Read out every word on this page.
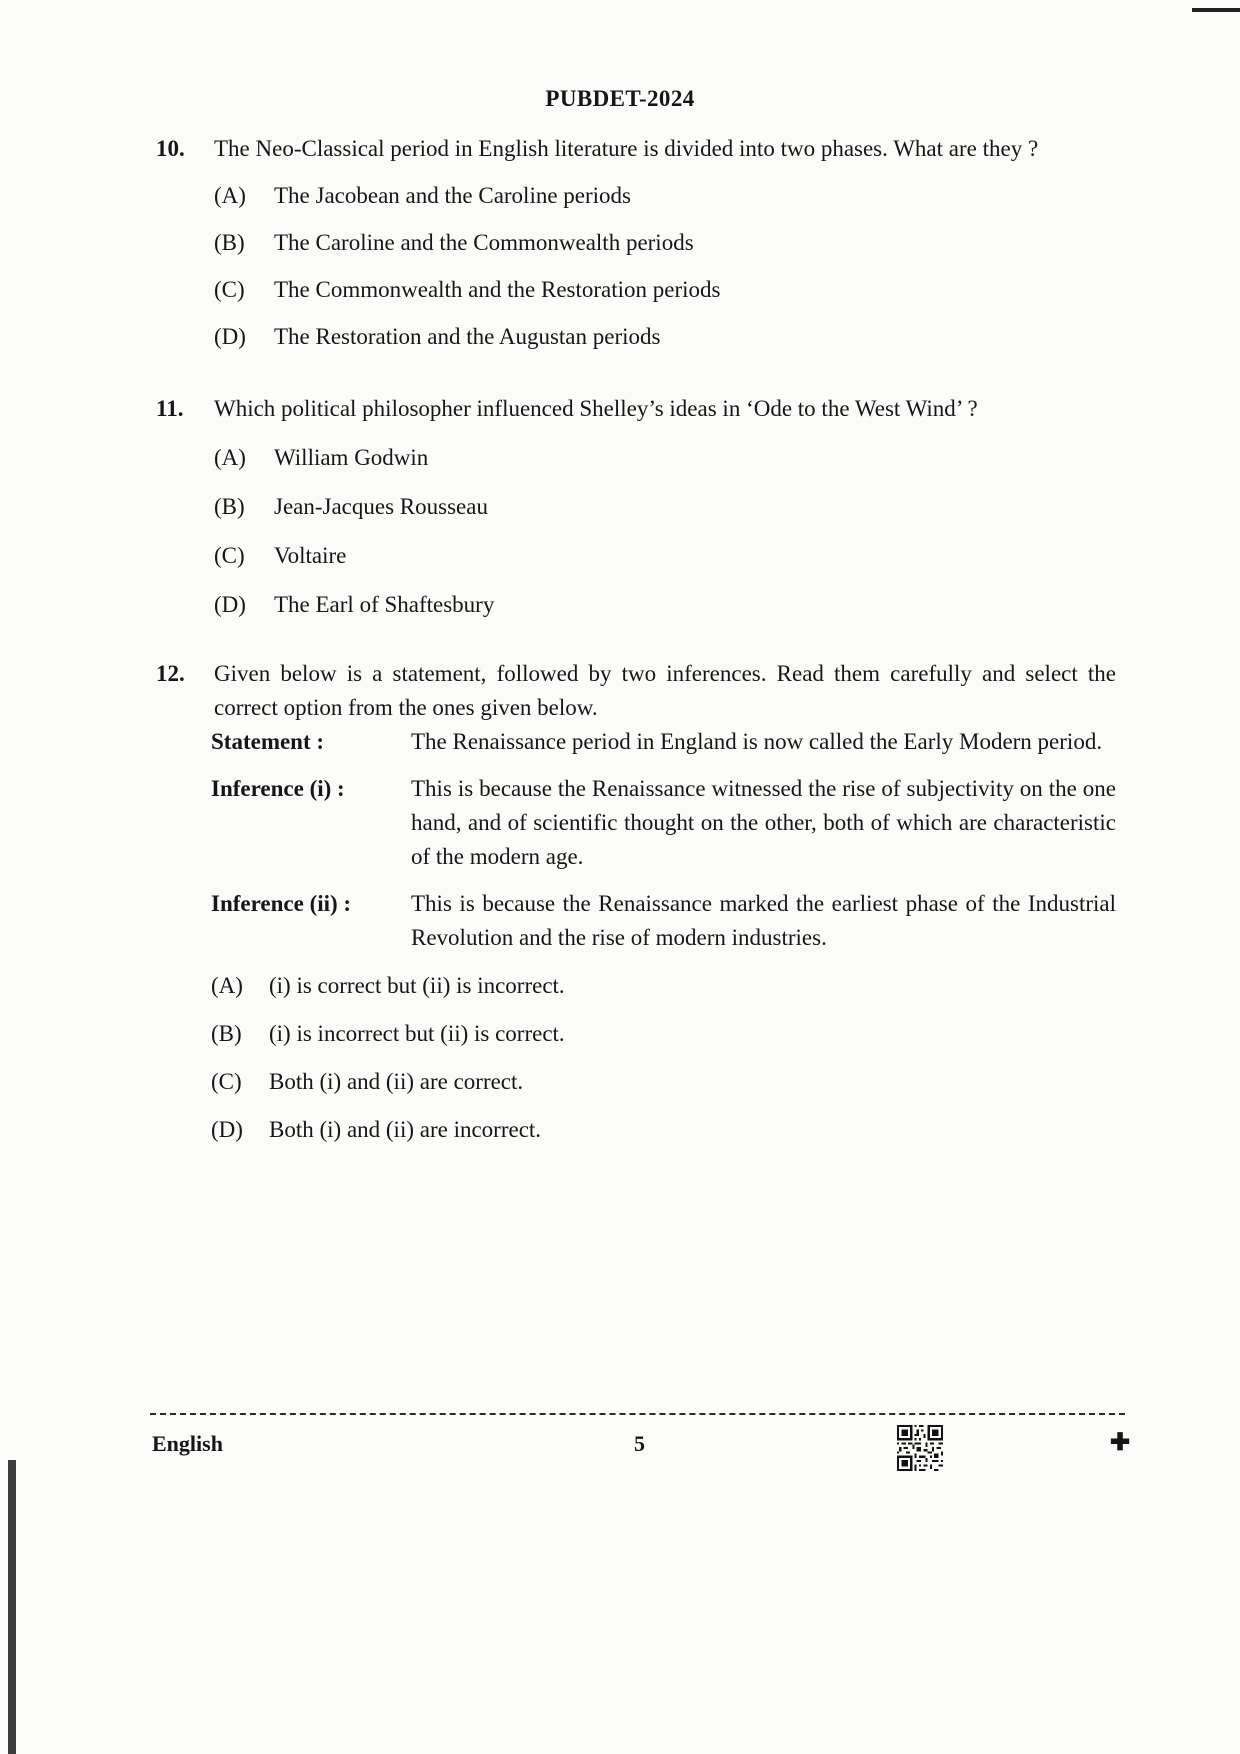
PUBDET-2024
10.	The Neo-Classical period in English literature is divided into two phases. What are they ?
(A)	The Jacobean and the Caroline periods
(B)	The Caroline and the Commonwealth periods
(C)	The Commonwealth and the Restoration periods
(D)	The Restoration and the Augustan periods
11.	Which political philosopher influenced Shelley’s ideas in ‘Ode to the West Wind’ ?
(A)	William Godwin
(B)	Jean-Jacques Rousseau
(C)	Voltaire
(D)	The Earl of Shaftesbury
12.	Given below is a statement, followed by two inferences. Read them carefully and select the correct option from the ones given below.
Statement :	The Renaissance period in England is now called the Early Modern period.
Inference (i) :	This is because the Renaissance witnessed the rise of subjectivity on the one hand, and of scientific thought on the other, both of which are characteristic of the modern age.
Inference (ii) :	This is because the Renaissance marked the earliest phase of the Industrial Revolution and the rise of modern industries.
(A)	(i) is correct but (ii) is incorrect.
(B)	(i) is incorrect but (ii) is correct.
(C)	Both (i) and (ii) are correct.
(D)	Both (i) and (ii) are incorrect.
English	5	✚
